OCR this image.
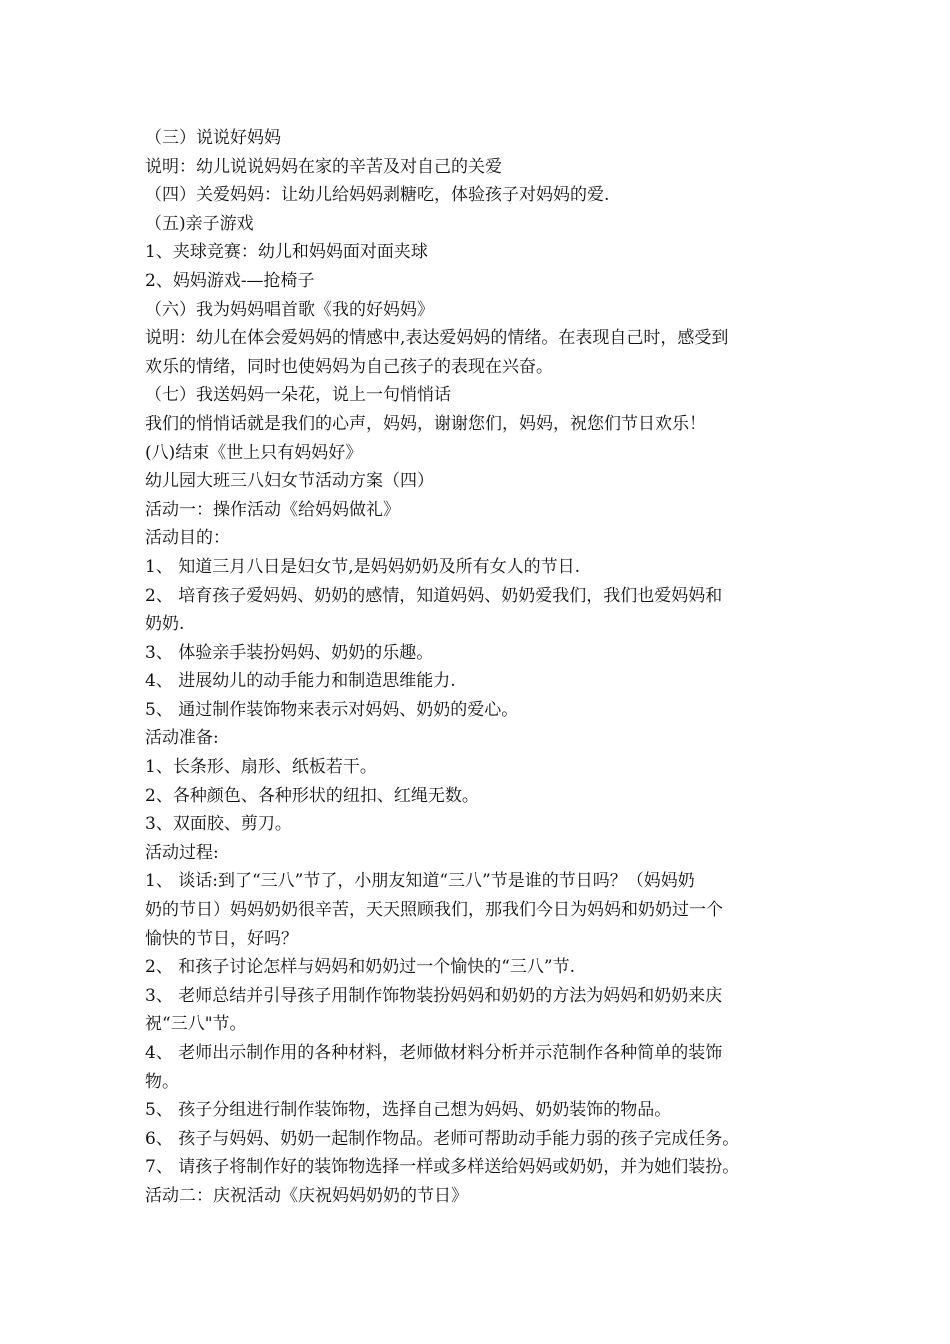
（三）说说好妈妈
说明：幼儿说说妈妈在家的辛苦及对自己的关爱
（四）关爱妈妈：让幼儿给妈妈剥糖吃，体验孩子对妈妈的爱.
（五)亲子游戏
1、夹球竞赛：幼儿和妈妈面对面夹球
2、妈妈游戏-—抢椅子
（六）我为妈妈唱首歌《我的好妈妈》
说明：幼儿在体会爱妈妈的情感中,表达爱妈妈的情绪。在表现自己时，感受到
欢乐的情绪，同时也使妈妈为自己孩子的表现在兴奋。
（七）我送妈妈一朵花，说上一句悄悄话
我们的悄悄话就是我们的心声，妈妈，谢谢您们，妈妈，祝您们节日欢乐！
(八)结束《世上只有妈妈好》
幼儿园大班三八妇女节活动方案（四）
活动一：操作活动《给妈妈做礼》
活动目的：
1、 知道三月八日是妇女节,是妈妈奶奶及所有女人的节日.
2、 培育孩子爱妈妈、奶奶的感情，知道妈妈、奶奶爱我们，我们也爱妈妈和
奶奶.
3、 体验亲手装扮妈妈、奶奶的乐趣。
4、 进展幼儿的动手能力和制造思维能力.
5、 通过制作装饰物来表示对妈妈、奶奶的爱心。
活动准备:
1、长条形、扇形、纸板若干。
2、各种颜色、各种形状的纽扣、红绳无数。
3、双面胶、剪刀。
活动过程:
1、 谈话:到了“三八”节了，小朋友知道“三八”节是谁的节日吗？（妈妈奶
奶的节日）妈妈奶奶很辛苦，天天照顾我们，那我们今日为妈妈和奶奶过一个
愉快的节日，好吗？
2、 和孩子讨论怎样与妈妈和奶奶过一个愉快的“三八”节.
3、 老师总结并引导孩子用制作饰物装扮妈妈和奶奶的方法为妈妈和奶奶来庆
祝“三八"节。
4、 老师出示制作用的各种材料，老师做材料分析并示范制作各种简单的装饰
物。
5、 孩子分组进行制作装饰物，选择自己想为妈妈、奶奶装饰的物品。
6、 孩子与妈妈、奶奶一起制作物品。老师可帮助动手能力弱的孩子完成任务。
7、 请孩子将制作好的装饰物选择一样或多样送给妈妈或奶奶，并为她们装扮。
活动二：庆祝活动《庆祝妈妈奶奶的节日》
